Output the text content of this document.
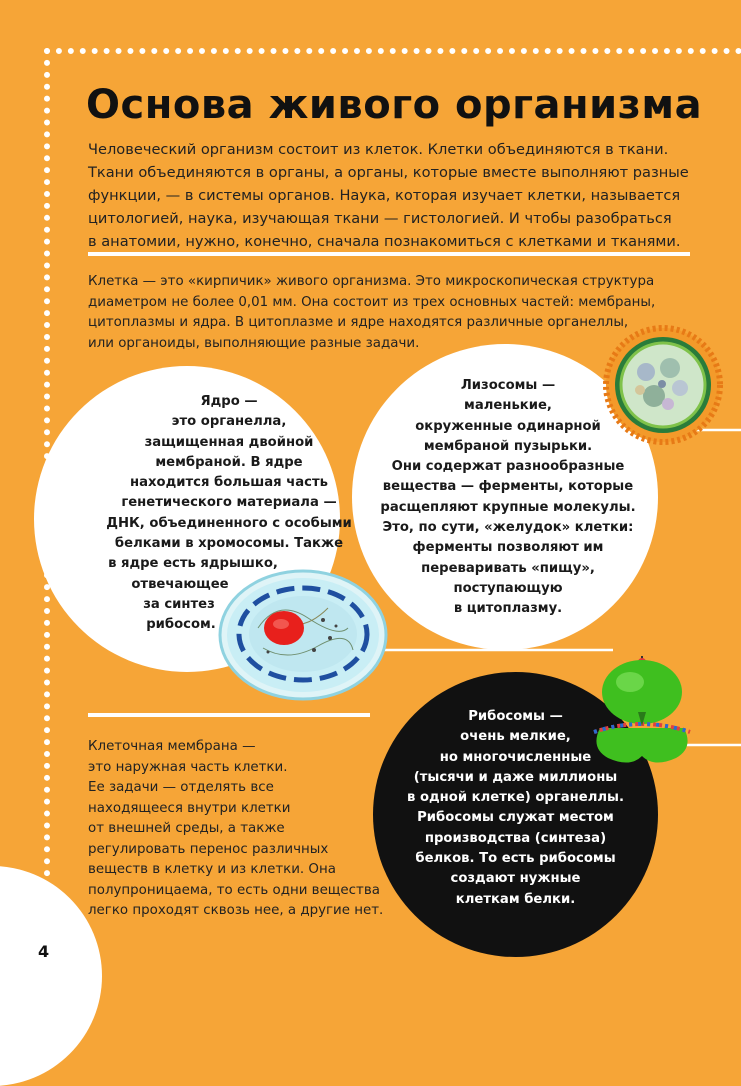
Основа живого организма

Человеческий организм состоит из клеток. Клетки объединяются в ткани.
Ткани объединяются в органы, а органы, которые вместе выполняют разные
функции, — в системы органов. Наука, которая изучает клетки, называется
цитологией, наука, изучающая ткани — гистологией. И чтобы разобраться
в анатомии, нужно, конечно, сначала познакомиться с клетками и тканями.

Клетка — это «кирпичик» живого организма. Это микроскопическая структура
диаметром не более 0,01 мм. Она состоит из трех основных частей: мембраны,
цитоплазмы и ядра. В цитоплазме и ядре находятся различные органеллы,
или органоиды, выполняющие разные задачи.

Ядро —
это органелла,
защищенная двойной
мембраной. В ядре
находится большая часть
генетического материала —
ДНК, объединенного с особыми
белками в хромосомы. Также
в ядре есть ядрышко,
отвечающее
за синтез
рибосом.

Лизосомы —
маленькие,
окруженные одинарной
мембраной пузырьки.
Они содержат разнообразные
вещества — ферменты, которые
расщепляют крупные молекулы.
Это, по сути, «желудок» клетки:
ферменты позволяют им
переваривать «пищу»,
поступающую
в цитоплазму.

Клеточная мембрана —
это наружная часть клетки.
Ее задачи — отделять все
находящееся внутри клетки
от внешней среды, а также
регулировать перенос различных
веществ в клетку и из клетки. Она
полупроницаема, то есть одни вещества
легко проходят сквозь нее, а другие нет.

Рибосомы —
очень мелкие,
но многочисленные
(тысячи и даже миллионы
в одной клетке) органеллы.
Рибосомы служат местом
производства (синтеза)
белков. То есть рибосомы
создают нужные
клеткам белки.

4
